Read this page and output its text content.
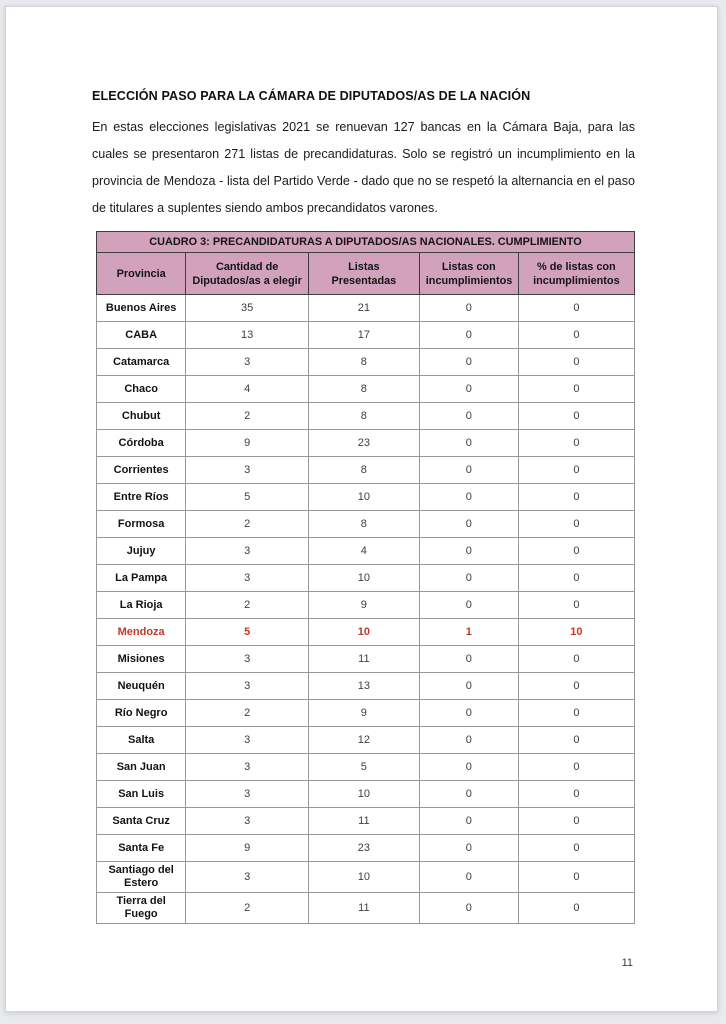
ELECCIÓN PASO PARA LA CÁMARA DE DIPUTADOS/AS DE LA NACIÓN
En estas elecciones legislativas 2021 se renuevan 127 bancas en la Cámara Baja, para las cuales se presentaron 271 listas de precandidaturas. Solo se registró un incumplimiento en la provincia de Mendoza - lista del Partido Verde - dado que no se respetó la alternancia en el paso de titulares a suplentes siendo ambos precandidatos varones.
CUADRO 3: PRECANDIDATURAS A DIPUTADOS/AS NACIONALES. CUMPLIMIENTO				
Provincia	Cantidad de Diputados/as a elegir	Listas Presentadas	Listas con incumplimientos	% de listas con incumplimientos
Buenos Aires	35	21	0	0
CABA	13	17	0	0
Catamarca	3	8	0	0
Chaco	4	8	0	0
Chubut	2	8	0	0
Córdoba	9	23	0	0
Corrientes	3	8	0	0
Entre Ríos	5	10	0	0
Formosa	2	8	0	0
Jujuy	3	4	0	0
La Pampa	3	10	0	0
La Rioja	2	9	0	0
Mendoza	5	10	1	10
Misiones	3	11	0	0
Neuquén	3	13	0	0
Río Negro	2	9	0	0
Salta	3	12	0	0
San Juan	3	5	0	0
San Luis	3	10	0	0
Santa Cruz	3	11	0	0
Santa Fe	9	23	0	0
Santiago del Estero	3	10	0	0
Tierra del Fuego	2	11	0	0
11
